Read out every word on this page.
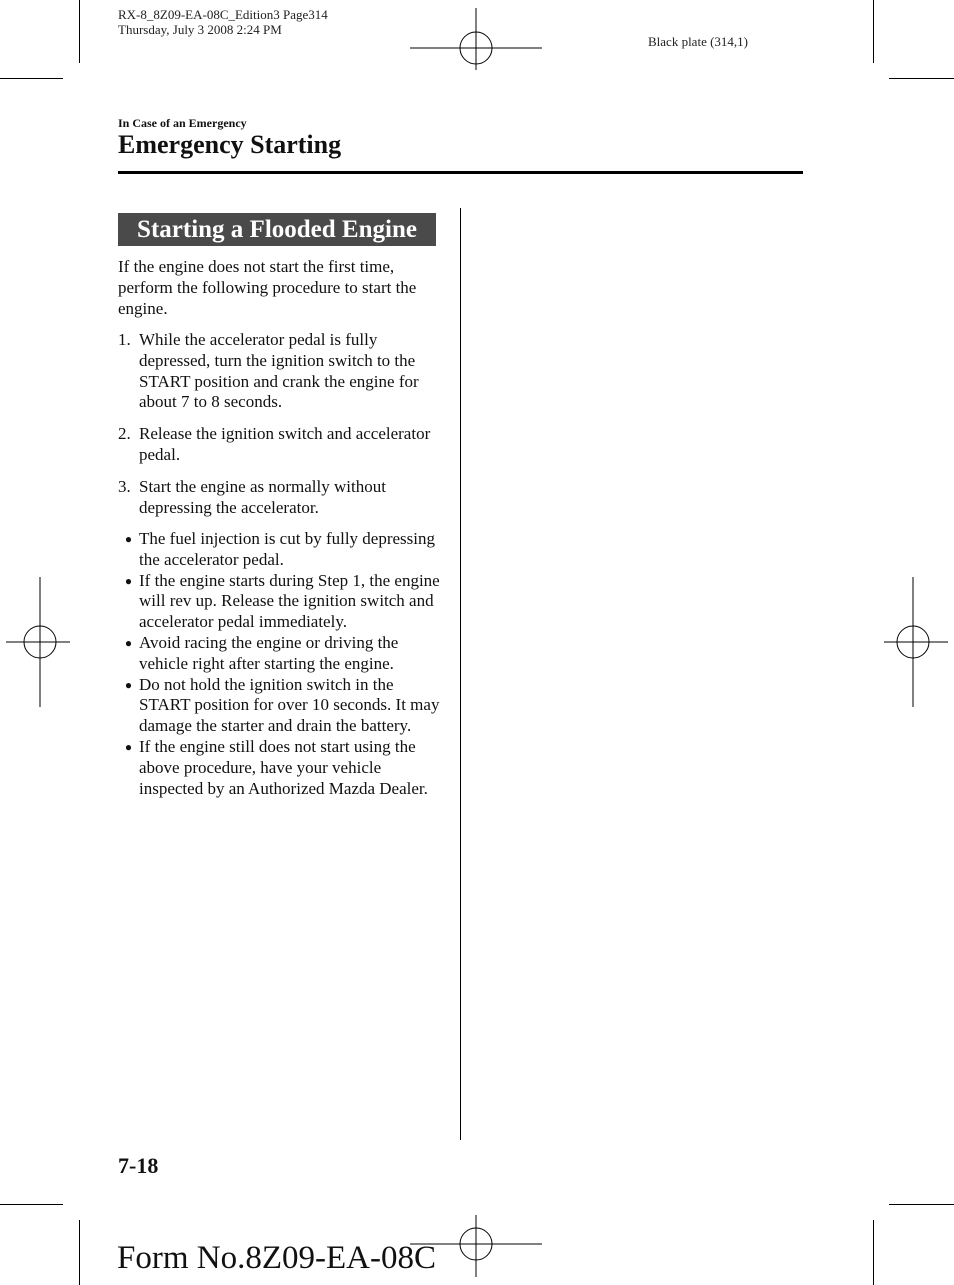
RX-8_8Z09-EA-08C_Edition3 Page314
Thursday, July 3 2008 2:24 PM
Black plate (314,1)
In Case of an Emergency
Emergency Starting
Starting a Flooded Engine
If the engine does not start the first time, perform the following procedure to start the engine.
1. While the accelerator pedal is fully depressed, turn the ignition switch to the START position and crank the engine for about 7 to 8 seconds.
2. Release the ignition switch and accelerator pedal.
3. Start the engine as normally without depressing the accelerator.
● The fuel injection is cut by fully depressing the accelerator pedal.
● If the engine starts during Step 1, the engine will rev up. Release the ignition switch and accelerator pedal immediately.
● Avoid racing the engine or driving the vehicle right after starting the engine.
● Do not hold the ignition switch in the START position for over 10 seconds. It may damage the starter and drain the battery.
● If the engine still does not start using the above procedure, have your vehicle inspected by an Authorized Mazda Dealer.
7-18
Form No.8Z09-EA-08C
